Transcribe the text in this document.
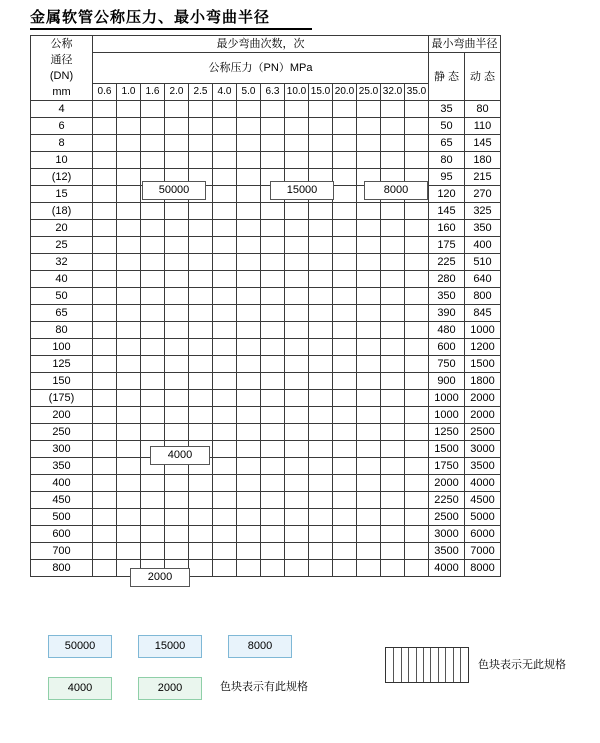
金属软管公称压力、最小弯曲半径
公称
通径
(DN)
mm	最少弯曲次数，次														最小弯曲半径	
	公称压力（PN）MPa														静 态	动 态
	0.6	1.0	1.6	2.0	2.5	4.0	5.0	6.3	10.0	15.0	20.0	25.0	32.0	35.0		
4															35	80
6															50	110
8															65	145
10															80	180
(12)															95	215
15															120	270
(18)															145	325
20															160	350
25															175	400
32															225	510
40															280	640
50															350	800
65															390	845
80															480	1000
100															600	1200
125															750	1500
150															900	1800
(175)															1000	2000
200															1000	2000
250															1250	2500
300															1500	3000
350															1750	3500
400															2000	4000
450															2250	4500
500															2500	5000
600															3000	6000
700															3500	7000
800															4000	8000
50000	15000	8000
4000
2000
50000	15000	8000
4000	2000	色块表示有此规格
色块表示无此规格
